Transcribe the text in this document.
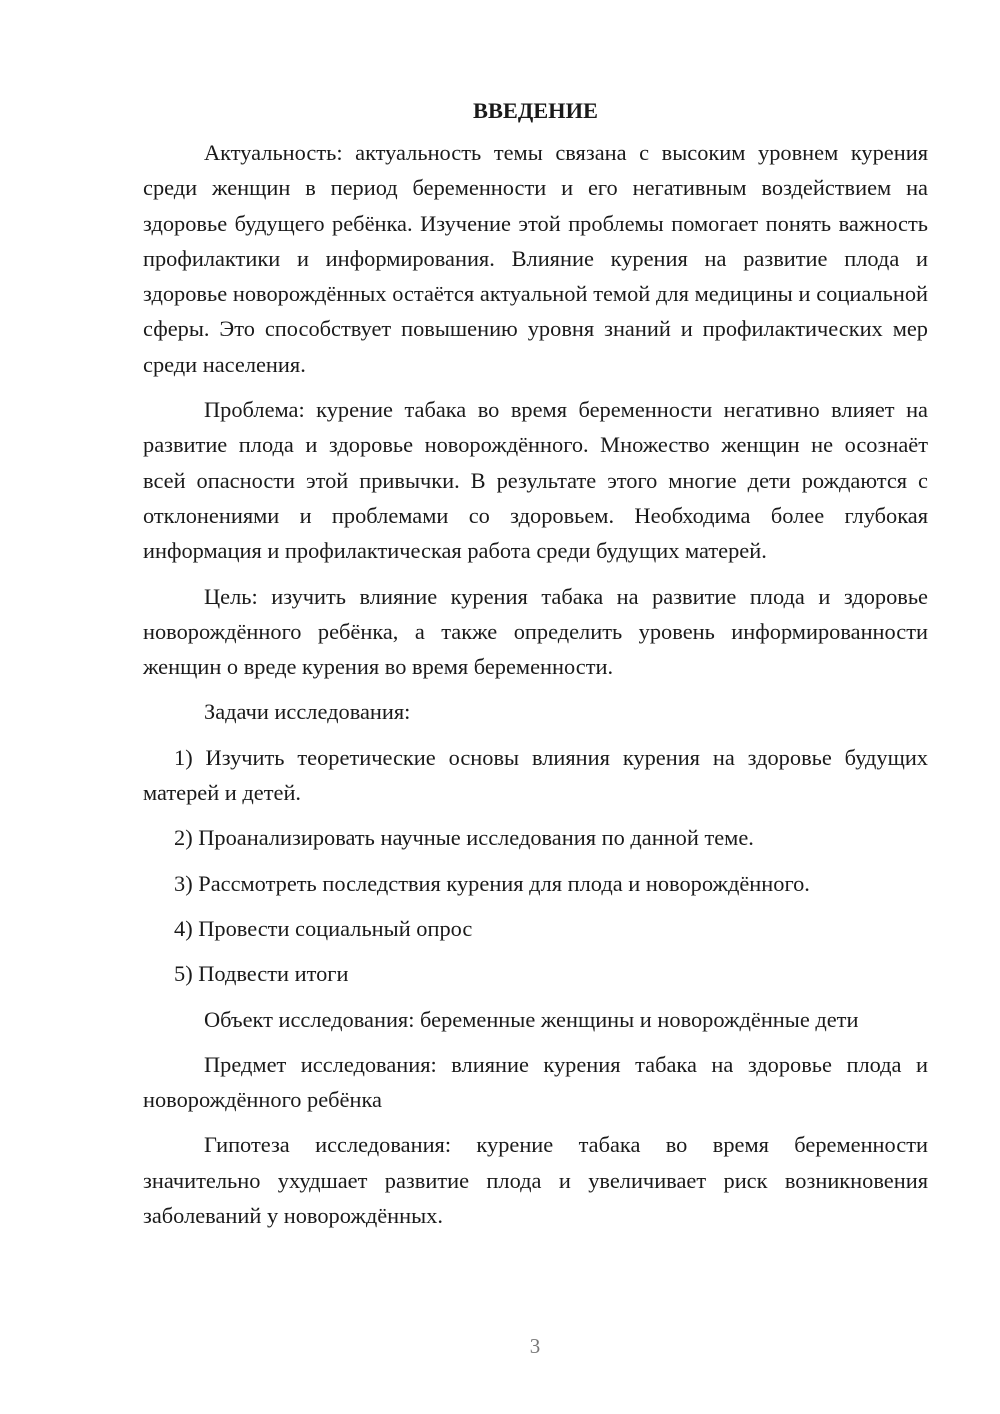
ВВЕДЕНИЕ

Актуальность: актуальность темы связана с высоким уровнем курения среди женщин в период беременности и его негативным воздействием на здоровье будущего ребёнка. Изучение этой проблемы помогает понять важность профилактики и информирования. Влияние курения на развитие плода и здоровье новорождённых остаётся актуальной темой для медицины и социальной сферы. Это способствует повышению уровня знаний и профилактических мер среди населения.

Проблема: курение табака во время беременности негативно влияет на развитие плода и здоровье новорождённого. Множество женщин не осознаёт всей опасности этой привычки. В результате этого многие дети рождаются с отклонениями и проблемами со здоровьем. Необходима более глубокая информация и профилактическая работа среди будущих матерей.

Цель: изучить влияние курения табака на развитие плода и здоровье новорождённого ребёнка, а также определить уровень информированности женщин о вреде курения во время беременности.

Задачи исследования:

1) Изучить теоретические основы влияния курения на здоровье будущих матерей и детей.

2) Проанализировать научные исследования по данной теме.

3) Рассмотреть последствия курения для плода и новорождённого.

4) Провести социальный опрос

5) Подвести итоги

Объект исследования: беременные женщины и новорождённые дети

Предмет исследования: влияние курения табака на здоровье плода и новорождённого ребёнка

Гипотеза исследования: курение табака во время беременности значительно ухудшает развитие плода и увеличивает риск возникновения заболеваний у новорождённых.

3
